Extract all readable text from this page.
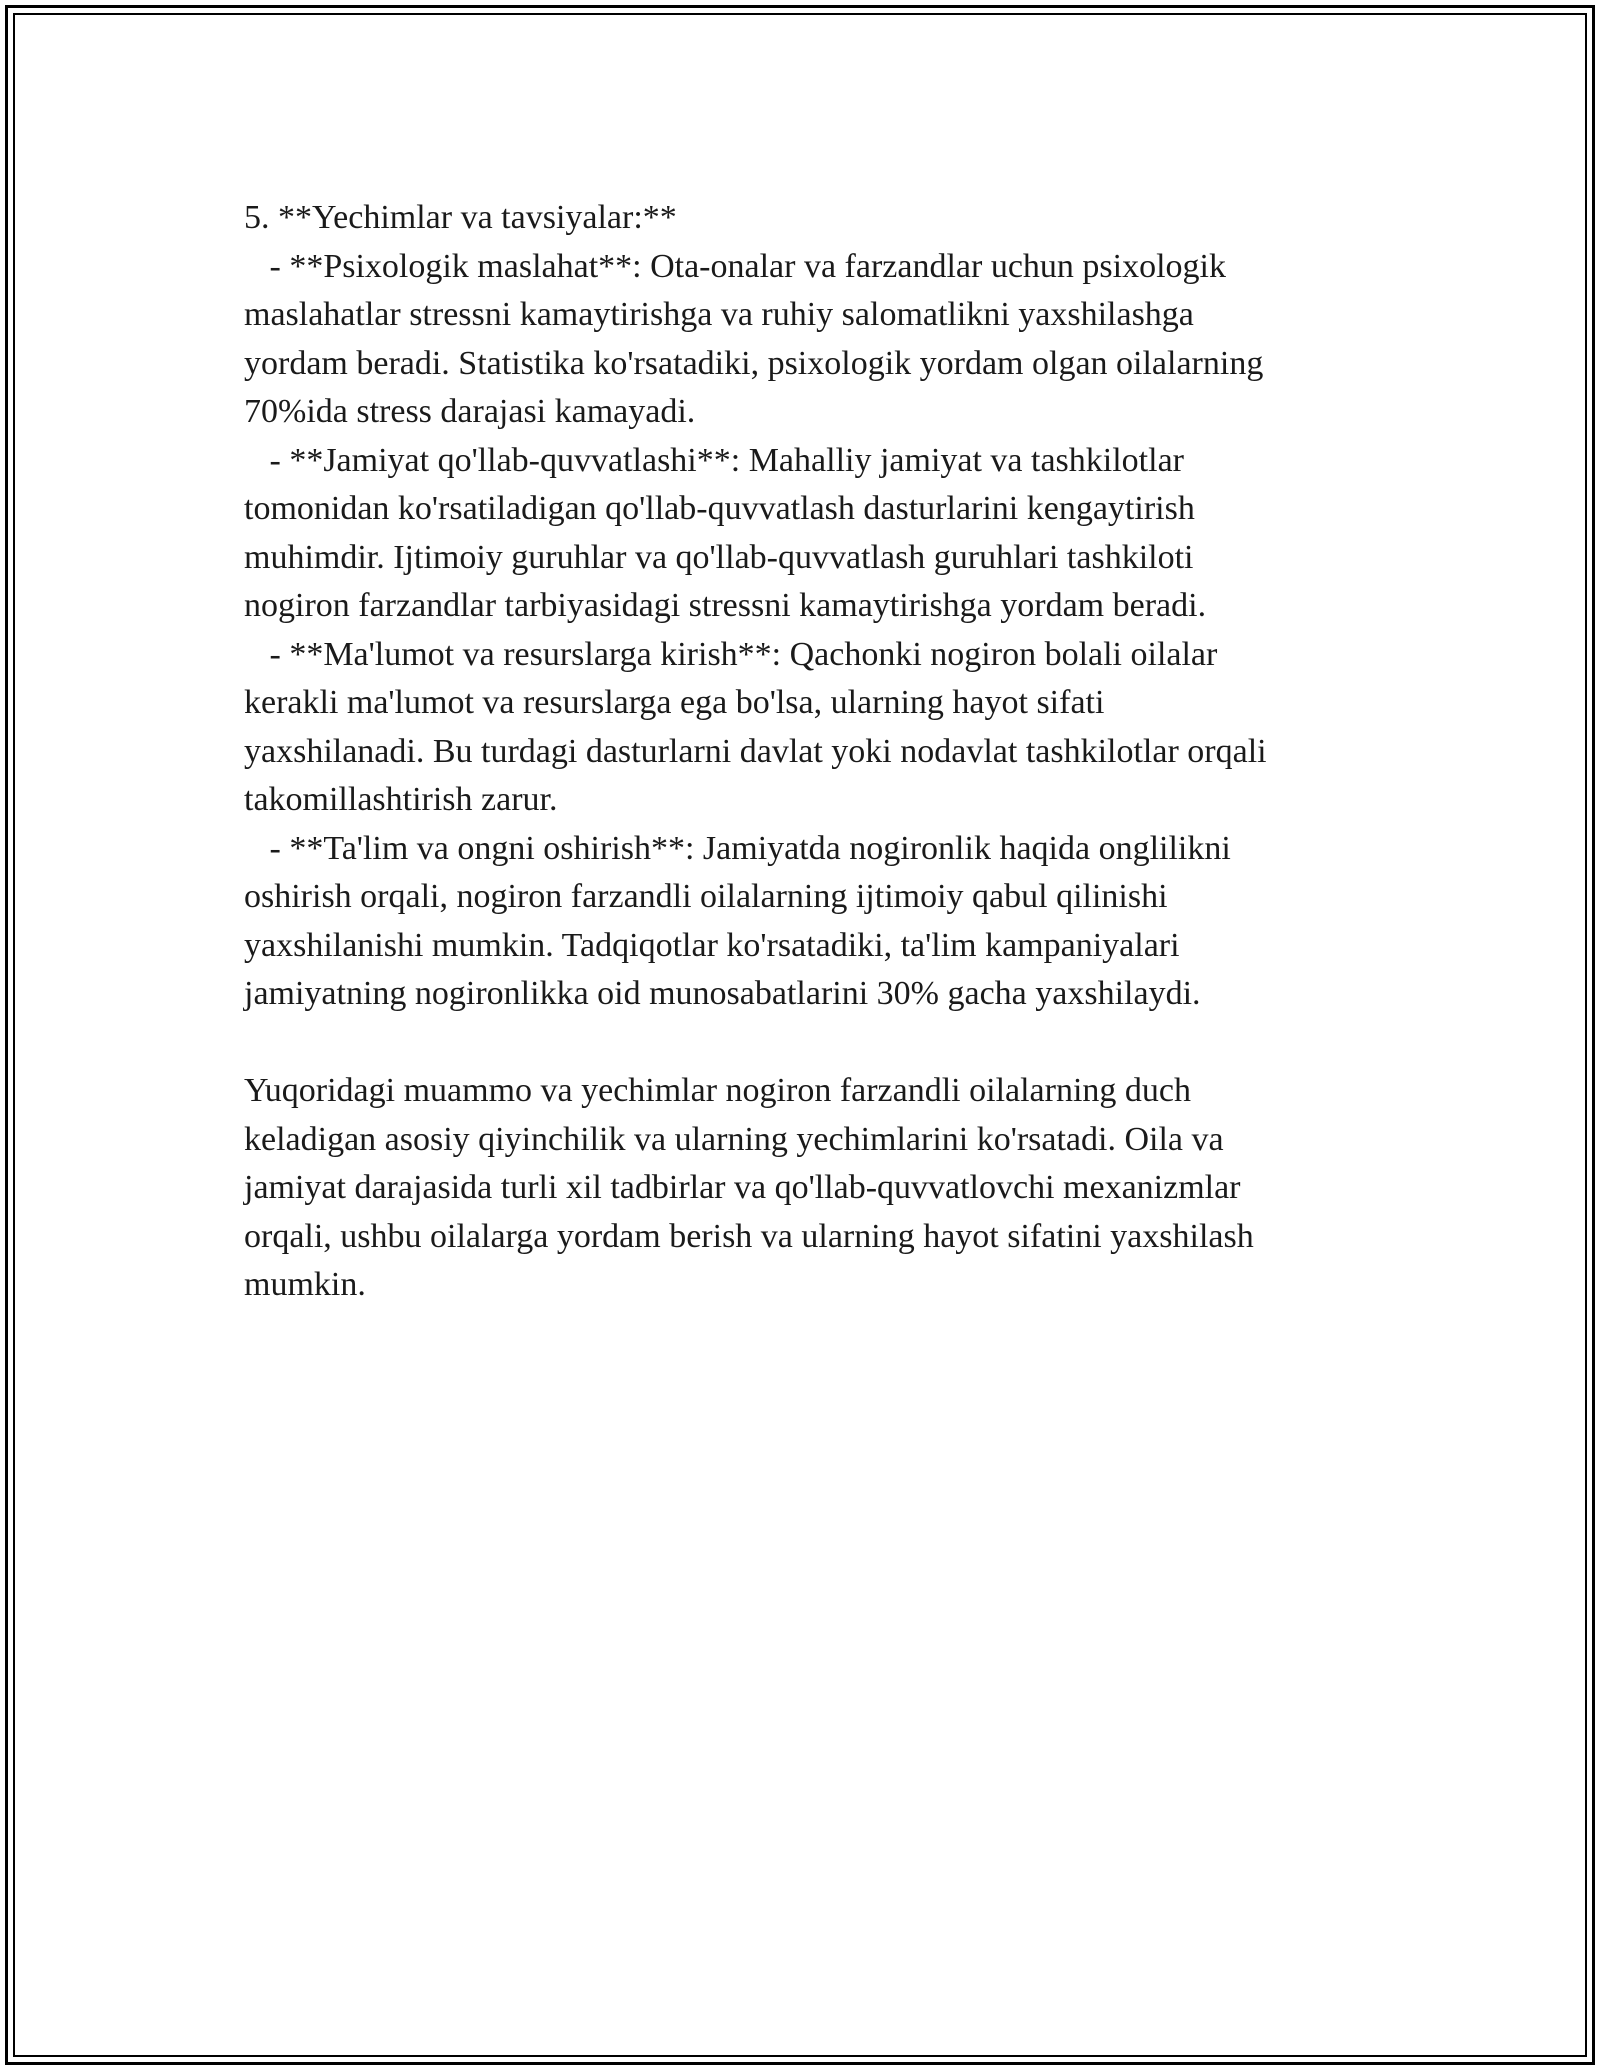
5. **Yechimlar va tavsiyalar:**
- **Psixologik maslahat**: Ota-onalar va farzandlar uchun psixologik
maslahatlar stressni kamaytirishga va ruhiy salomatlikni yaxshilashga
yordam beradi. Statistika ko'rsatadiki, psixologik yordam olgan oilalarning
70%ida stress darajasi kamayadi.
- **Jamiyat qo'llab-quvvatlashi**: Mahalliy jamiyat va tashkilotlar
tomonidan ko'rsatiladigan qo'llab-quvvatlash dasturlarini kengaytirish
muhimdir. Ijtimoiy guruhlar va qo'llab-quvvatlash guruhlari tashkiloti
nogiron farzandlar tarbiyasidagi stressni kamaytirishga yordam beradi.
- **Ma'lumot va resurslarga kirish**: Qachonki nogiron bolali oilalar
kerakli ma'lumot va resurslarga ega bo'lsa, ularning hayot sifati
yaxshilanadi. Bu turdagi dasturlarni davlat yoki nodavlat tashkilotlar orqali
takomillashtirish zarur.
- **Ta'lim va ongni oshirish**: Jamiyatda nogironlik haqida onglilikni
oshirish orqali, nogiron farzandli oilalarning ijtimoiy qabul qilinishi
yaxshilanishi mumkin. Tadqiqotlar ko'rsatadiki, ta'lim kampaniyalari
jamiyatning nogironlikka oid munosabatlarini 30% gacha yaxshilaydi.
Yuqoridagi muammo va yechimlar nogiron farzandli oilalarning duch
keladigan asosiy qiyinchilik va ularning yechimlarini ko'rsatadi. Oila va
jamiyat darajasida turli xil tadbirlar va qo'llab-quvvatlovchi mexanizmlar
orqali, ushbu oilalarga yordam berish va ularning hayot sifatini yaxshilash
mumkin.
